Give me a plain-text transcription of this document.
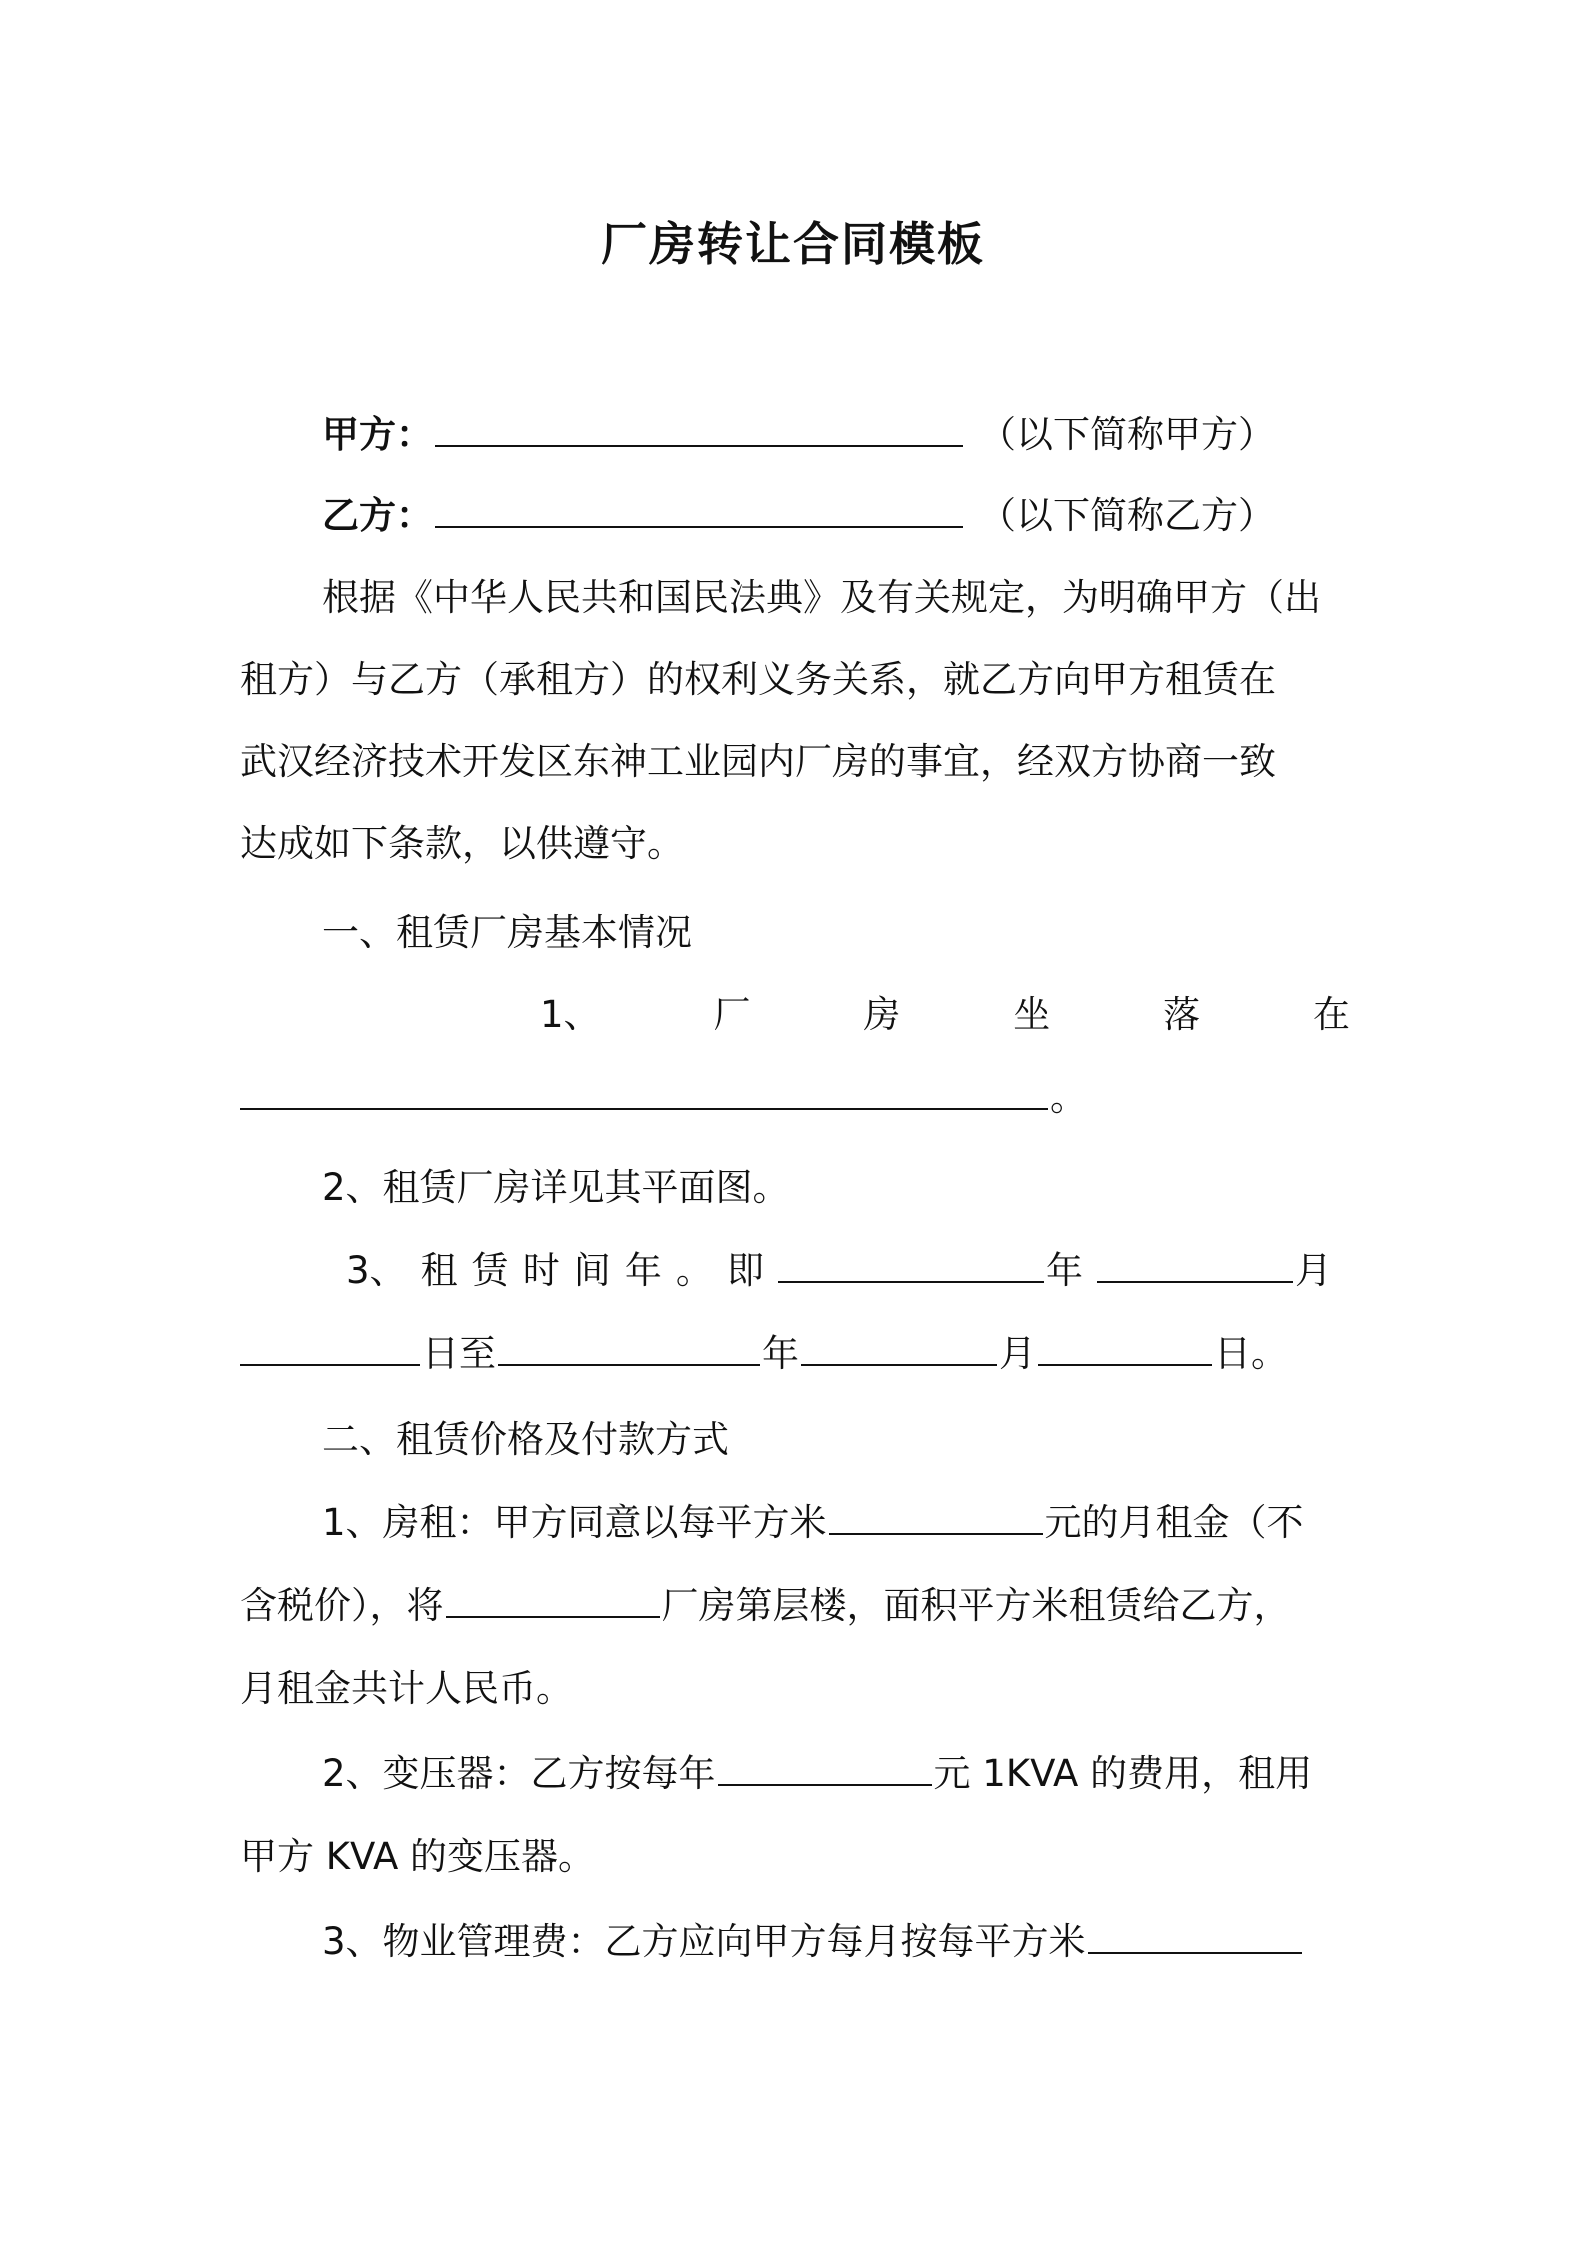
厂房转让合同模板
甲方：	（以下简称甲方）
乙方：	（以下简称乙方）
根据《中华人民共和国民法典》及有关规定，为明确甲方（出
租方）与乙方（承租方）的权利义务关系，就乙方向甲方租赁在
武汉经济技术开发区东神工业园内厂房的事宜，经双方协商一致
达成如下条款，以供遵守。
一、租赁厂房基本情况
1、	厂	房	坐	落	在
。
2、租赁厂房详见其平面图。
3、 租 赁 时 间 年 。 即	年	月
日至	年	月	日。
二、租赁价格及付款方式
1、房租：甲方同意以每平方米	元的月租金（不
含税价），将	厂房第层楼，面积平方米租赁给乙方，
月租金共计人民币。
2、变压器：乙方按每年	元 1KVA 的费用，租用
甲方 KVA 的变压器。
3、物业管理费：乙方应向甲方每月按每平方米
